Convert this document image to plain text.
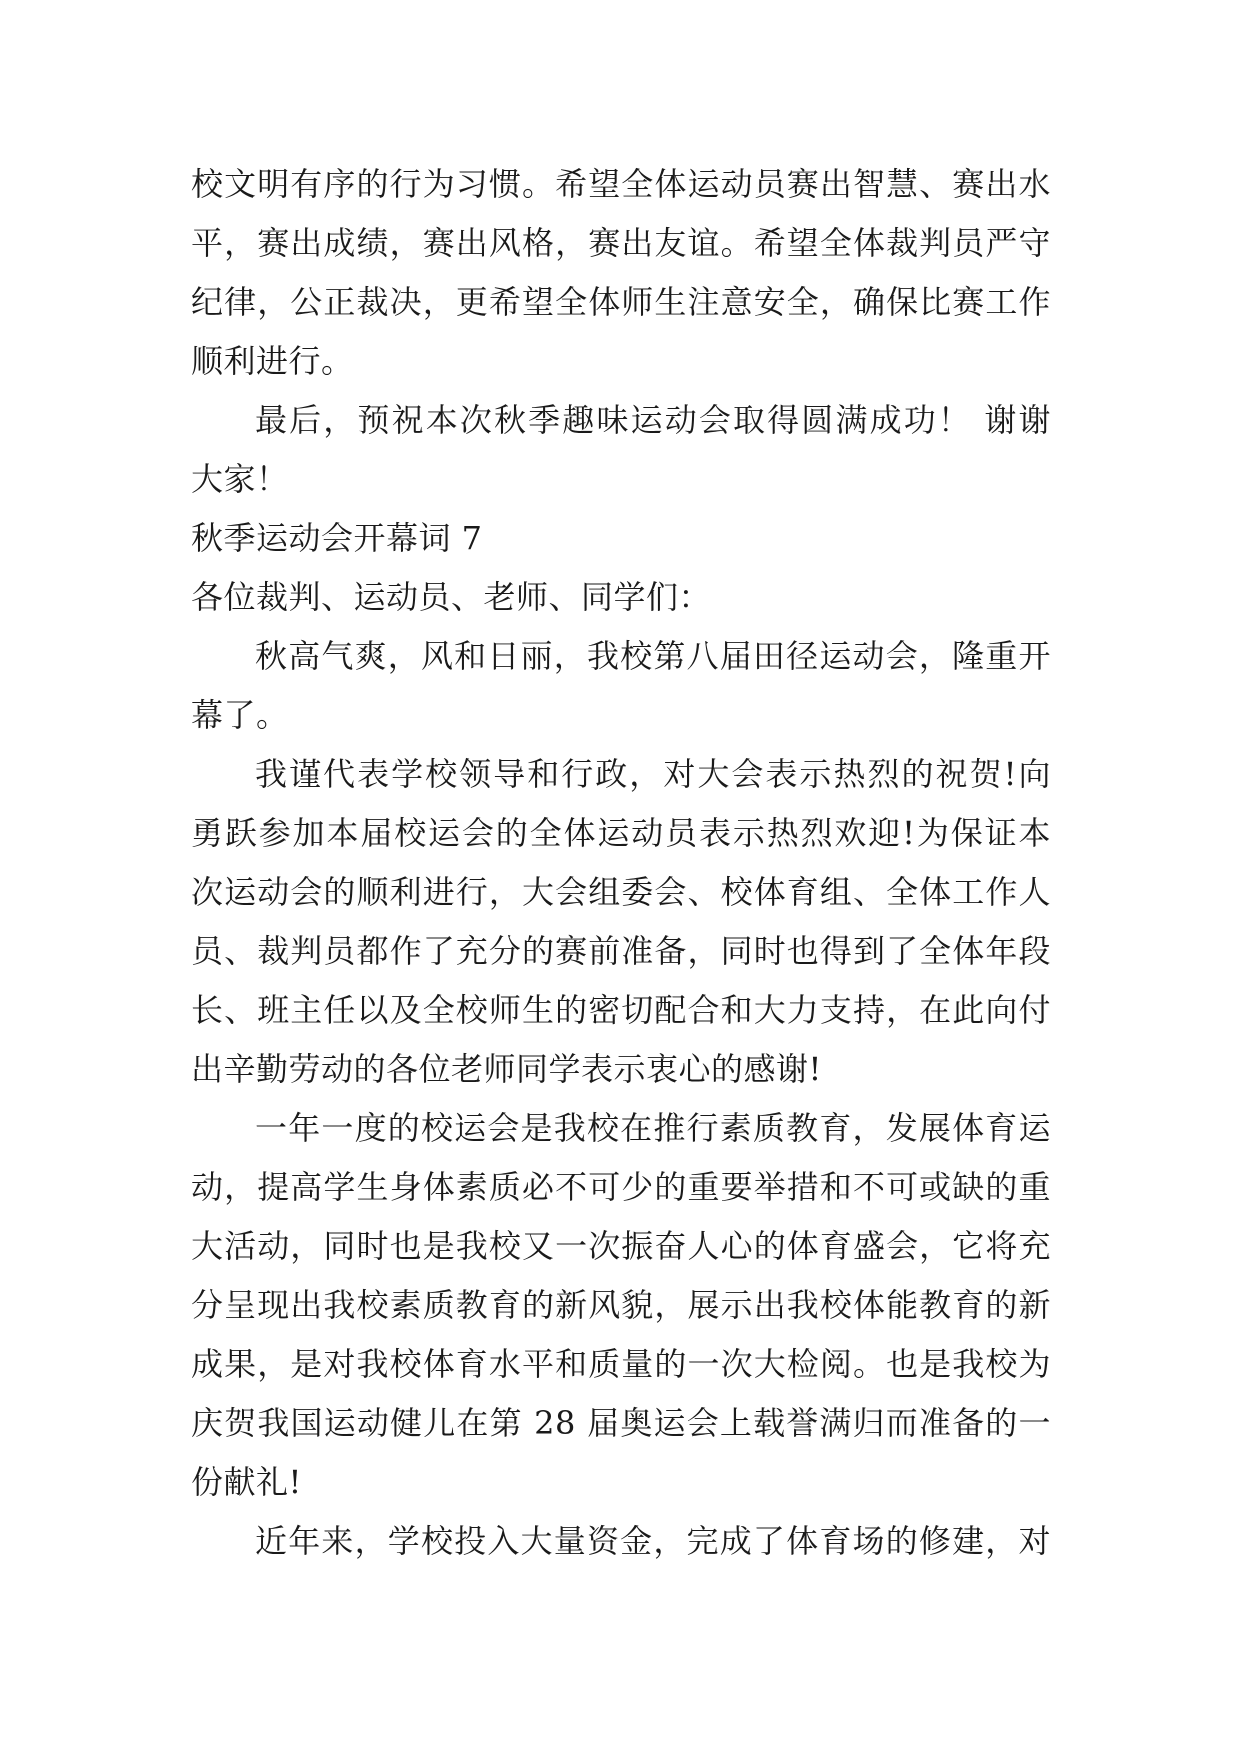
校文明有序的行为习惯。希望全体运动员赛出智慧、赛出水
平，赛出成绩，赛出风格，赛出友谊。希望全体裁判员严守
纪律，公正裁决，更希望全体师生注意安全，确保比赛工作
顺利进行。

最后，预祝本次秋季趣味运动会取得圆满成功！ 谢谢
大家！

秋季运动会开幕词 7

各位裁判、运动员、老师、同学们：

秋高气爽，风和日丽，我校第八届田径运动会，隆重开
幕了。

我谨代表学校领导和行政，对大会表示热烈的祝贺!向
勇跃参加本届校运会的全体运动员表示热烈欢迎!为保证本
次运动会的顺利进行，大会组委会、校体育组、全体工作人
员、裁判员都作了充分的赛前准备，同时也得到了全体年段
长、班主任以及全校师生的密切配合和大力支持，在此向付
出辛勤劳动的各位老师同学表示衷心的感谢!

一年一度的校运会是我校在推行素质教育，发展体育运
动，提高学生身体素质必不可少的重要举措和不可或缺的重
大活动，同时也是我校又一次振奋人心的体育盛会，它将充
分呈现出我校素质教育的新风貌，展示出我校体能教育的新
成果，是对我校体育水平和质量的一次大检阅。也是我校为
庆贺我国运动健儿在第 28 届奥运会上载誉满归而准备的一
份献礼!

近年来，学校投入大量资金，完成了体育场的修建，对
